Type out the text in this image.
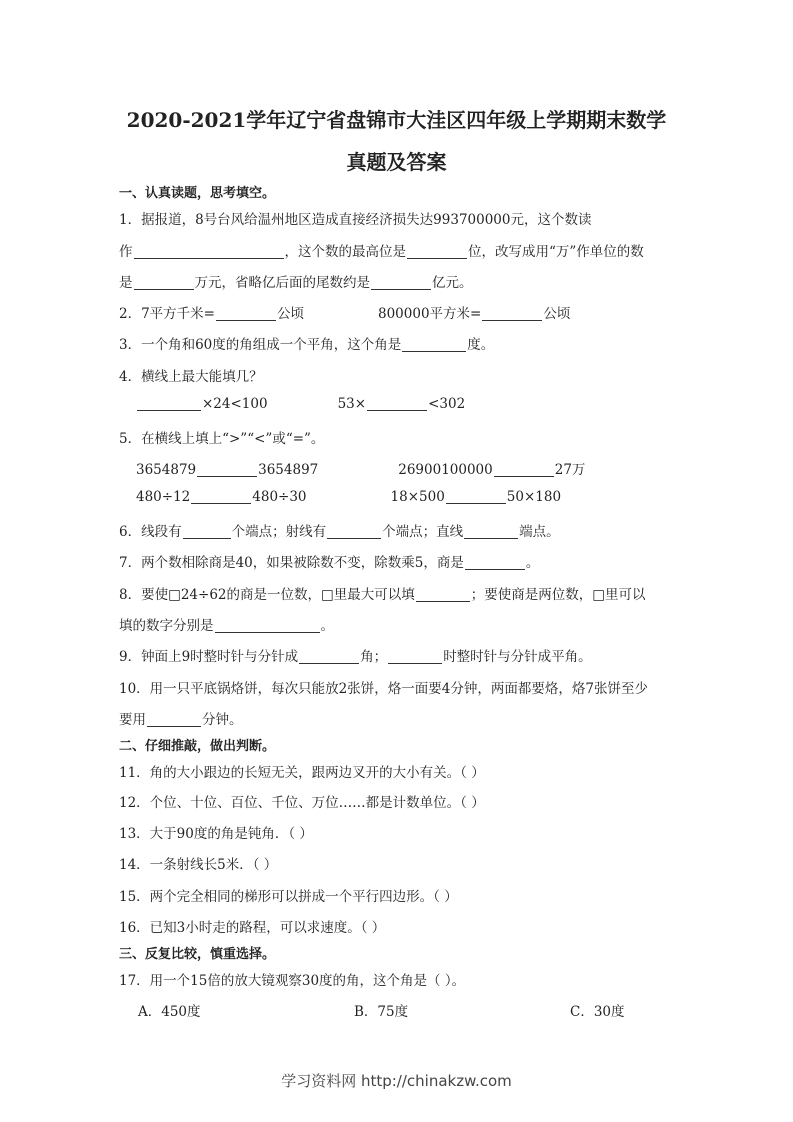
2020-2021学年辽宁省盘锦市大洼区四年级上学期期末数学
真题及答案
一、认真读题，思考填空。
1．据报道，8号台风给温州地区造成直接经济损失达993700000元，这个数读
作	，这个数的最高位是	位，改写成用“万”作单位的数
是	万元，省略亿后面的尾数约是	亿元。
2．7平方千米=	公顷	800000平方米=	公顷
3．一个角和60度的角组成一个平角，这个角是	度。
4．横线上最大能填几？
×24<100	53×	<302
5．在横线上填上“>”“<”或“=”。
3654879	3654897	26900100000	27万
480÷12	480÷30	18×500	50×180
6．线段有	个端点；射线有	个端点；直线	端点。
7．两个数相除商是40，如果被除数不变，除数乘5，商是	。
8．要使□24÷62的商是一位数，□里最大可以填	；要使商是两位数，□里可以
填的数字分别是	。
9．钟面上9时整时针与分针成	角；	时整时针与分针成平角。
10．用一只平底锅烙饼，每次只能放2张饼，烙一面要4分钟，两面都要烙，烙7张饼至少
要用	分钟。
二、仔细推敲，做出判断。
11．角的大小跟边的长短无关，跟两边叉开的大小有关。（ ）
12．个位、十位、百位、千位、万位……都是计数单位。（ ）
13．大于90度的角是钝角．（ ）
14．一条射线长5米．（ ）
15．两个完全相同的梯形可以拼成一个平行四边形。（ ）
16．已知3小时走的路程，可以求速度。（ ）
三、反复比较，慎重选择。
17．用一个15倍的放大镜观察30度的角，这个角是（ ）。
A．450度	B．75度	C．30度
学习资料网 http://chinakzw.com
